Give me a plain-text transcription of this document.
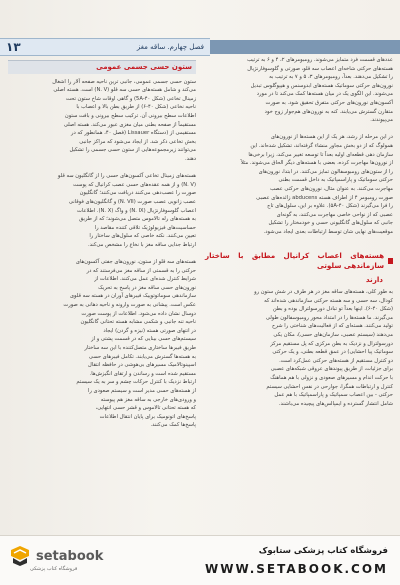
۱۳	فصل چهارم. ساقه مغز
ستون حسی جسمی عمومی
ستون حسی جسمی عمومی، جانبی ترین ناحیه صفحه آلار را اشغال
می‌کند و شامل هسته‌های حسی سه قلو (N. V) است. هسته اصلی
زمینال تخاعی (شکل ۴۰-5A) و گاهی اوقات شاخ ستون تحت
ناحیه نخاعی (شکل ۴۰-۶) از طریق بطن بالا و اعصاب با
اطلاعات سطح بیرونی آن. ترکیب سطح بیرونی و بافت ستون
مستقیماً از صفحه بطنی میان مغزی عبور می‌کند. هسته اصلی
مستقیمی از (دستگاه Lissauer (فصل ۴۰، همانطور که در
بخش تخاعی ذکر شد. از ایجاد می‌شود که مراکز جانبی
می‌توانند زیرمجموعه‌هایی از ستون حسی جسمی را تشکیل
دهند.

هسته‌های زمینال تخاعی آکسون‌های حسی را از گانگلیون سه قلو
(N. V) و از همه عقده‌های حسی عصب کرانیال که پوست
صورت را عصب‌دهی می‌کنند دریافت می‌کنند؛ گانگلیون
عصب زانویی عصب صورت (N. VII) و گانگلیون‌های فوقانی
اعصاب گلوسوفارنژیال (N. IX) و واگ (N. X). اطلاعات
به هسته‌های رله تالاموس متصل می‌شوند؛ که از طریق
حساسیت‌های فیزیولوژیک تلاقی کننده مقاصد را
تعیین می‌کنند. نکته خاصی که سلول‌های ساختار را
ارتباط جدایی ساقه مغز با نخاع را مشخص می‌کند.

هسته‌های سه قلو از ستون، نورون‌های جفتی آکسون‌های
حرکتی را به قسمتی از ساقه مغز می‌فرستند که در
شرایط کنترل شده‌ای عمل می‌کنند. اطلاعات از
نورون‌های حسی ساقه مغز در پاسخ به تحریک
سازماندهی سوماتوتوپیک فیبرهای آوران در هسته سه قلوی
عکس است. پیشانی به صورت وارونه و ناحیه دهانی به صورت
دوسال نشان داده می‌شود. اطلاعات از پوست صورت
ناحیه تنه جانبی و شکمی مشابه هسته تحتانی گانگلیون
در انتهای صورتی هسته (نیزه و گردن) ایجاد
سیستم‌های حسی بینایی که در قسمت پشتی و از
طریق فیبرها ساختاری متصل‌کننده با این سه ساختار
به هسته‌ها گسترش می‌یابند. تکامل فیبرهای حسی
اسپینوتالامیک مسیرهای بی‌هوشی در حافظه انتقال
مستقیم شده است و رساندن و ارتقای انگیزش‌ها.
ارتباط نزدیک با کنترل حرکات چشم و سر به یک سیستم
از هسته‌های حسی مدیر است و سیستم صعودی را
و ورودی‌های خارجی به ساقه مغز هم پیوسته
که هسته تحتانی تالاموس و قشر حسی انتهایی،
پاسخ‌های اتونومیک برای پایان انتقال اطلاعات
پاسخ‌ها کمک می‌کنند.
عددهای قسمت فرد متمایز می‌شوند. رومبومرهای ۲، ۴ و ۶ به ترتیب
هسته‌های حرکتی شاخه‌ای اعصاب سه قلو، صورتی و گلوسوفارنژیال
را تشکیل می‌دهند. بعداً، رومبومرهای ۳، ۵ و ۷ به ترتیب به
نورون‌های حرکتی سوماتیک هسته‌های ابدوسنس و هیپوگلوس تبدیل
می‌شوند. این الگوی یک در میان هسته‌ها کمک می‌کند تا در مورد
آکسون‌های نورون‌های حرکتی متفرق تحقیق شود. به صورت
متقارن گسترش می‌یابند. کنه به نورون‌های هم‌جوار زوج خود
می‌پیوندند.

در این مرحله از رشد، هر یک از این هسته‌ها از نورون‌های
همولوگ که از دو بخش مجاور منشاء گرفته‌اند، تشکیل شده‌اند. این
سازمان دهی قطعه‌ای اولیه بعداً تا توسعه تغییر می‌کند، زیرا برخی‌ها
از نورون‌ها مهاجرت کرده، بعضی با هسته‌های دیگر الحاق می‌شوند. مثلاً
را از ستون‌های رومبوسفالون تمایز می‌کنند. در ابتدا، نورون‌های
حرکتی سوماتیک و پاراسمپاتیک به داخل قسمت بطنی
مهاجرت می‌کنند. به عنوان مثال، نورون‌های حرکتی عصب
صورت رومبومر ۴ از اطراف هسته abducens زائده‌های عصبی
را فرا می‌گیرند (شکل ۴۰-۵A). علاوه بر این، سلول‌های تاج
عصبی که از نواحی خاصی مهاجرت می‌کنند، به گونه‌ای
جانبی که سلول‌های گانگلیونی حسی و خودمختار را تشکیل
موقعیت‌های نهایی شان توسط ارتباطات بعدی ایجاد می‌شود.

هسته‌های اعصاب کرانیال مطابق با ساختار سازماندهی سلوتی
دارند
به طور کلی، هسته‌های ساقه مغز در هر طرف در شش ستون رو
کودال، سه حسی و سه هسته حرکتی سازماندهی شده‌اند که
(شکل ۴۰-۶). اینها بعداً تو تبادل دورسولترال بوده و بطن
می‌گیرند. ما هسته‌ها را در امتداد محور رومبوسفالون طولی
تولید می‌کنند. هسته‌ای که از فعالیت‌های شناختی را شرح
می‌دهند (سیستم عصبی، سازمان‌های حسی)، مکان یکی
دورسولترال و نزدیک به بطن مرکزی که پل مستقیم مرکز
سوماتیک پیا احشایی) در عمق قطعه بطنی، و یک حرکتی
دو کنترل مستقیم از هسته‌های حرکتی عمل‌کرد است.
برای جزئیات، از طریق پیوندهای عروقی شبکه‌های عصبی
با حرکت اندام و مسیرهای صعودی و نزولی با هم هماهنگ
کنترل و ارتباطات همگرا، جوارحی در نفس احشایی سیستم
حرکتی - بین اعصاب سمپاتیک و پاراسمپاتیک با هم عمل
شامل انتشار گسترده و ایمپالس‌های پیچیده می‌باشند.
setabook
فروشگاه کتاب پزشکی
فروشگاه کتاب پزشکی ستابوک
WWW.SETABOOK.COM
